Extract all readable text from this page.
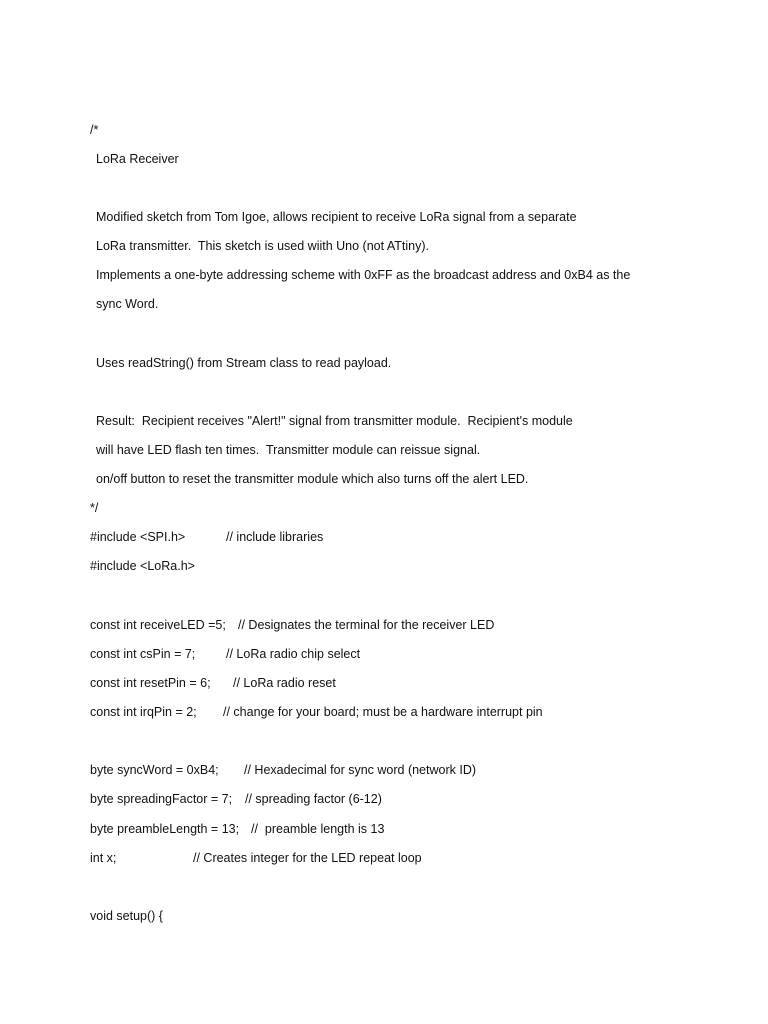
/*
LoRa Receiver
Modified sketch from Tom Igoe, allows recipient to receive LoRa signal from a separate
LoRa transmitter.  This sketch is used wiith Uno (not ATtiny).
Implements a one-byte addressing scheme with 0xFF as the broadcast address and 0xB4 as the
sync Word.
Uses readString() from Stream class to read payload.
Result:  Recipient receives "Alert!" signal from transmitter module.  Recipient's module
will have LED flash ten times.  Transmitter module can reissue signal.
on/off button to reset the transmitter module which also turns off the alert LED.
*/
#include <SPI.h>	// include libraries
#include <LoRa.h>
const int receiveLED =5; // Designates the terminal for the receiver LED
const int csPin = 7; // LoRa radio chip select
const int resetPin = 6; // LoRa radio reset
const int irqPin = 2; // change for your board; must be a hardware interrupt pin
byte syncWord = 0xB4; // Hexadecimal for sync word (network ID)
byte spreadingFactor = 7; // spreading factor (6-12)
byte preambleLength = 13; //  preamble length is 13
int x;	// Creates integer for the LED repeat loop
void setup() {
